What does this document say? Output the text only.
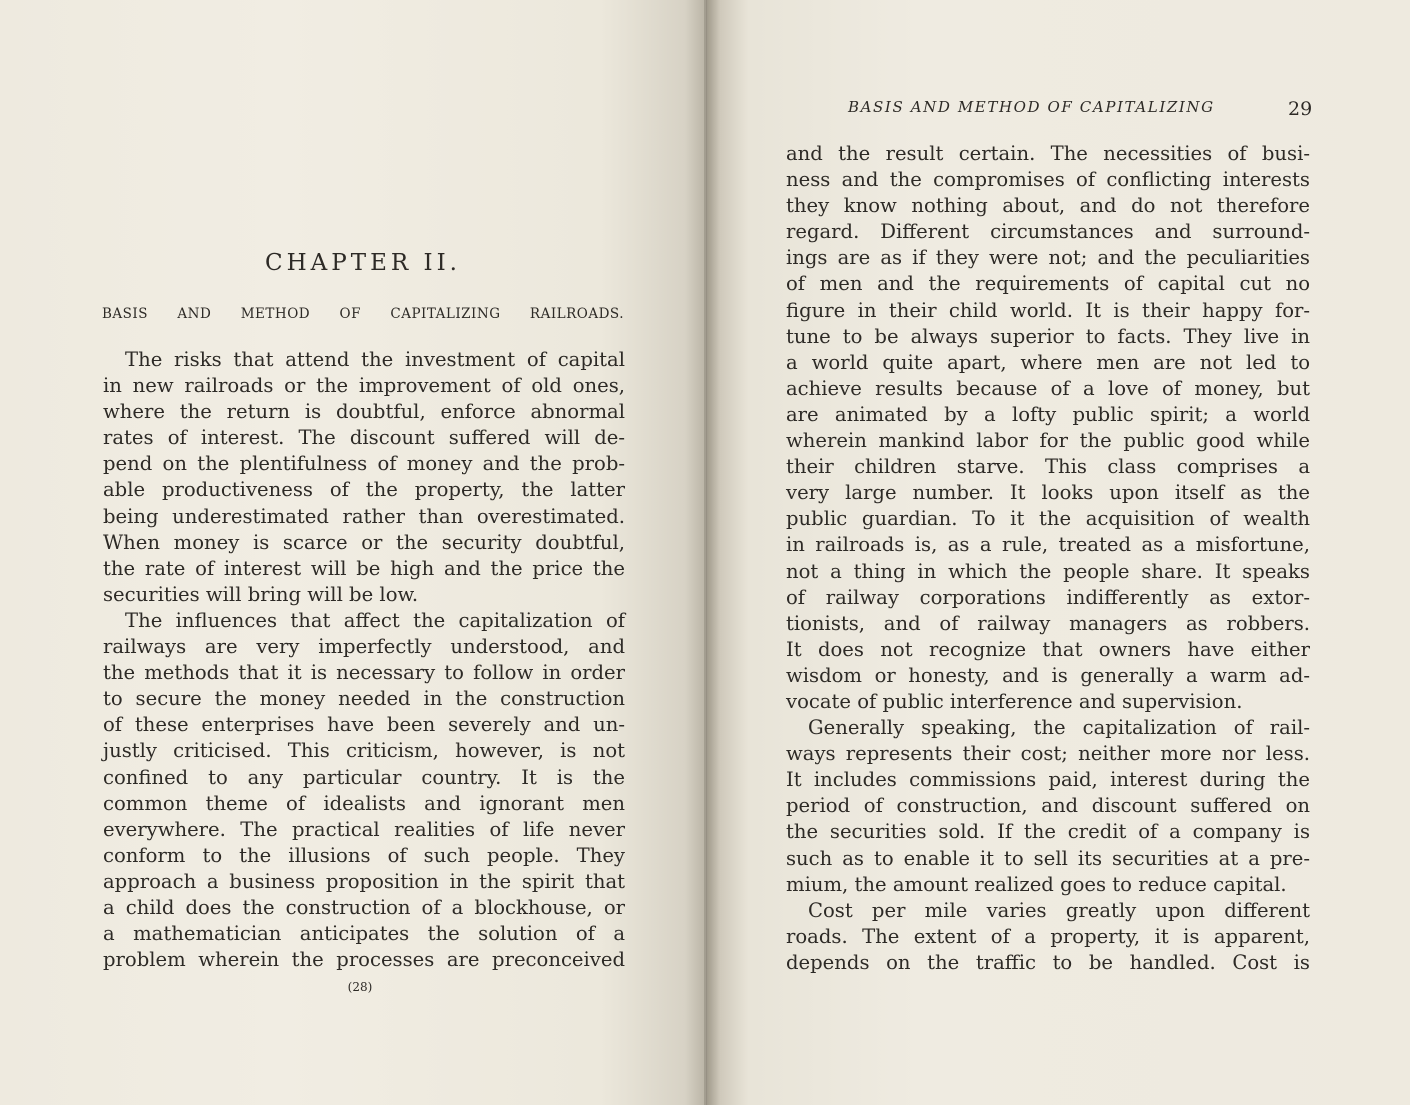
CHAPTER II.
BASIS AND METHOD OF CAPITALIZING RAILROADS.
The risks that attend the investment of capital
in new railroads or the improvement of old ones,
where the return is doubtful, enforce abnormal
rates of interest. The discount suffered will de-
pend on the plentifulness of money and the prob-
able productiveness of the property, the latter
being underestimated rather than overestimated.
When money is scarce or the security doubtful,
the rate of interest will be high and the price the
securities will bring will be low.
The influences that affect the capitalization of
railways are very imperfectly understood, and
the methods that it is necessary to follow in order
to secure the money needed in the construction
of these enterprises have been severely and un-
justly criticised. This criticism, however, is not
confined to any particular country. It is the
common theme of idealists and ignorant men
everywhere. The practical realities of life never
conform to the illusions of such people. They
approach a business proposition in the spirit that
a child does the construction of a blockhouse, or
a mathematician anticipates the solution of a
problem wherein the processes are preconceived
(28)
BASIS AND METHOD OF CAPITALIZING	29
and the result certain. The necessities of busi-
ness and the compromises of conflicting interests
they know nothing about, and do not therefore
regard. Different circumstances and surround-
ings are as if they were not; and the peculiarities
of men and the requirements of capital cut no
figure in their child world. It is their happy for-
tune to be always superior to facts. They live in
a world quite apart, where men are not led to
achieve results because of a love of money, but
are animated by a lofty public spirit; a world
wherein mankind labor for the public good while
their children starve. This class comprises a
very large number. It looks upon itself as the
public guardian. To it the acquisition of wealth
in railroads is, as a rule, treated as a misfortune,
not a thing in which the people share. It speaks
of railway corporations indifferently as extor-
tionists, and of railway managers as robbers.
It does not recognize that owners have either
wisdom or honesty, and is generally a warm ad-
vocate of public interference and supervision.
Generally speaking, the capitalization of rail-
ways represents their cost; neither more nor less.
It includes commissions paid, interest during the
period of construction, and discount suffered on
the securities sold. If the credit of a company is
such as to enable it to sell its securities at a pre-
mium, the amount realized goes to reduce capital.
Cost per mile varies greatly upon different
roads. The extent of a property, it is apparent,
depends on the traffic to be handled. Cost is
